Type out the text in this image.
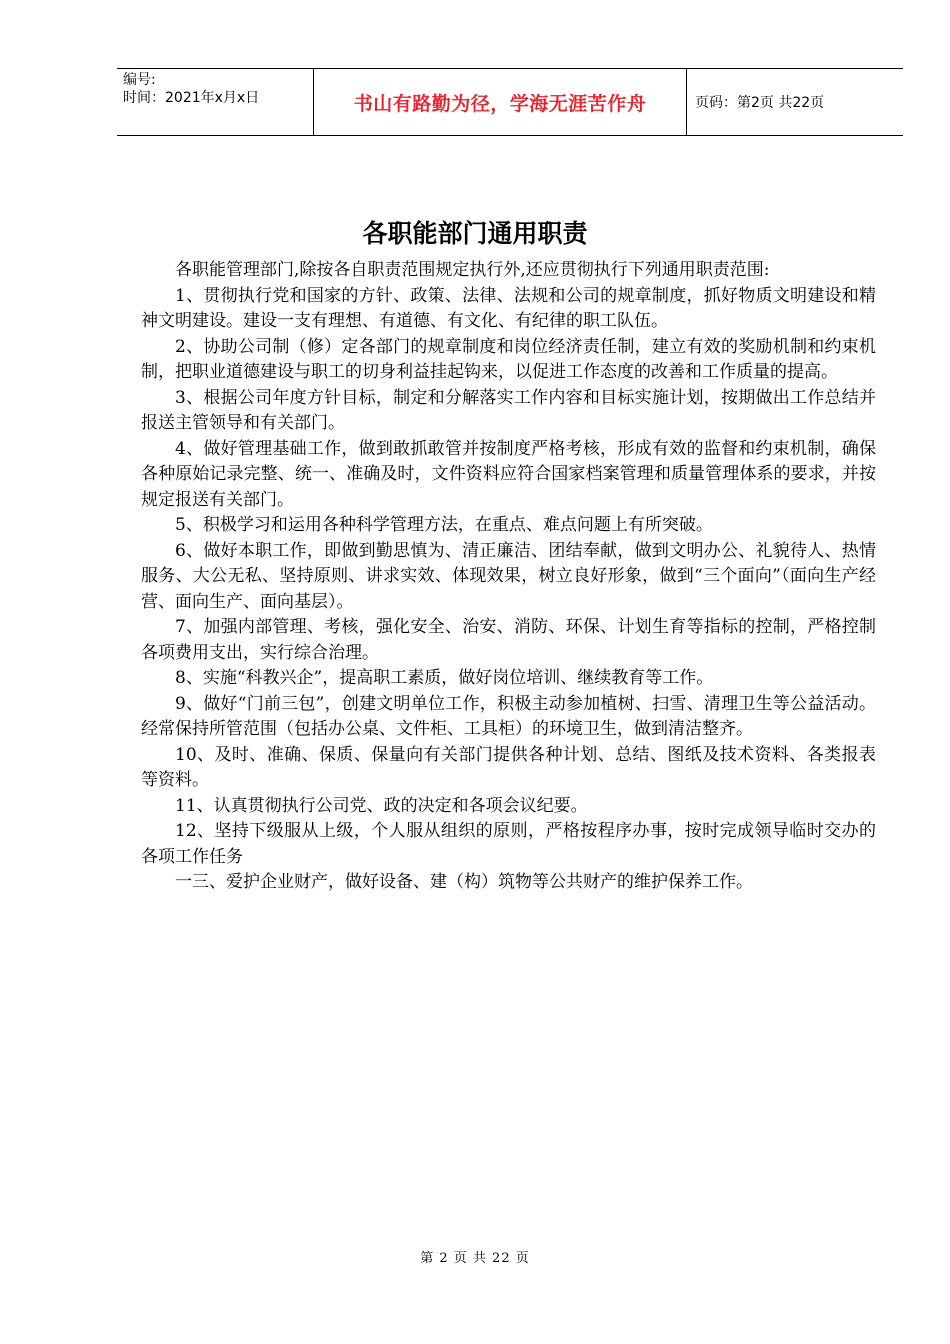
编号:
时间：2021年x月x日	书山有路勤为径，学海无涯苦作舟	页码：第2页 共22页
各职能部门通用职责

各职能管理部门,除按各自职责范围规定执行外,还应贯彻执行下列通用职责范围:

1、贯彻执行党和国家的方针、政策、法律、法规和公司的规章制度，抓好物质文明建设和精神文明建设。建设一支有理想、有道德、有文化、有纪律的职工队伍。

2、协助公司制（修）定各部门的规章制度和岗位经济责任制，建立有效的奖励机制和约束机制，把职业道德建设与职工的切身利益挂起钩来，以促进工作态度的改善和工作质量的提高。

3、根据公司年度方针目标，制定和分解落实工作内容和目标实施计划，按期做出工作总结并报送主管领导和有关部门。

4、做好管理基础工作，做到敢抓敢管并按制度严格考核，形成有效的监督和约束机制，确保各种原始记录完整、统一、准确及时，文件资料应符合国家档案管理和质量管理体系的要求，并按规定报送有关部门。

5、积极学习和运用各种科学管理方法，在重点、难点问题上有所突破。

6、做好本职工作，即做到勤思慎为、清正廉洁、团结奉献，做到文明办公、礼貌待人、热情服务、大公无私、坚持原则、讲求实效、体现效果，树立良好形象，做到“三个面向”（面向生产经营、面向生产、面向基层）。

7、加强内部管理、考核，强化安全、治安、消防、环保、计划生育等指标的控制，严格控制各项费用支出，实行综合治理。

8、实施“科教兴企”，提高职工素质，做好岗位培训、继续教育等工作。

9、做好“门前三包”，创建文明单位工作，积极主动参加植树、扫雪、清理卫生等公益活动。经常保持所管范围（包括办公桌、文件柜、工具柜）的环境卫生，做到清洁整齐。

10、及时、准确、保质、保量向有关部门提供各种计划、总结、图纸及技术资料、各类报表等资料。

11、认真贯彻执行公司党、政的决定和各项会议纪要。

12、坚持下级服从上级，个人服从组织的原则，严格按程序办事，按时完成领导临时交办的各项工作任务

一三、爱护企业财产，做好设备、建（构）筑物等公共财产的维护保养工作。

第 2 页 共 22 页
